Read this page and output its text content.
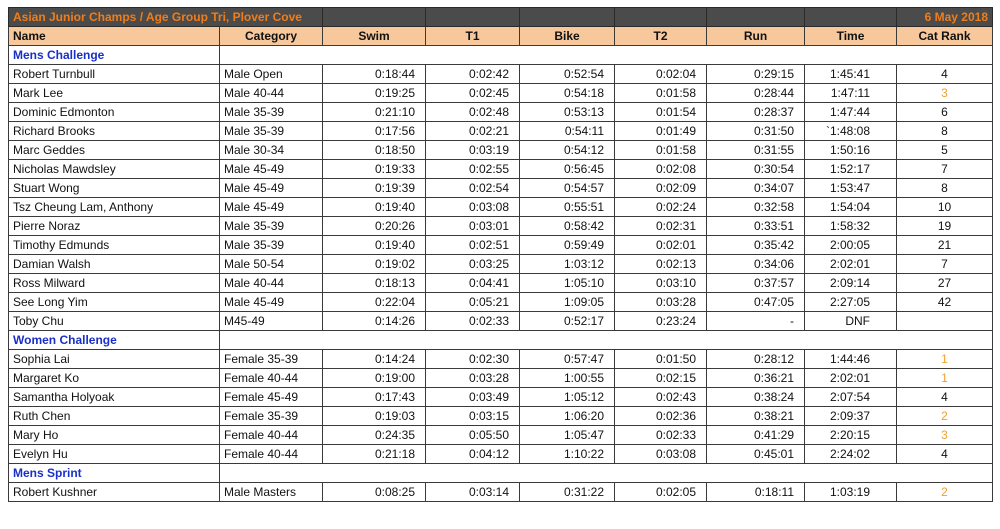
Asian Junior Champs / Age Group Tri, Plover Cove								6 May 2018
Name	Category	Swim	T1	Bike	T2	Run	Time	Cat Rank
Mens Challenge								
Robert Turnbull	Male Open	0:18:44	0:02:42	0:52:54	0:02:04	0:29:15	1:45:41	4
Mark Lee	Male 40-44	0:19:25	0:02:45	0:54:18	0:01:58	0:28:44	1:47:11	3
Dominic Edmonton	Male 35-39	0:21:10	0:02:48	0:53:13	0:01:54	0:28:37	1:47:44	6
Richard Brooks	Male 35-39	0:17:56	0:02:21	0:54:11	0:01:49	0:31:50	`1:48:08	8
Marc Geddes	Male 30-34	0:18:50	0:03:19	0:54:12	0:01:58	0:31:55	1:50:16	5
Nicholas Mawdsley	Male 45-49	0:19:33	0:02:55	0:56:45	0:02:08	0:30:54	1:52:17	7
Stuart Wong	Male 45-49	0:19:39	0:02:54	0:54:57	0:02:09	0:34:07	1:53:47	8
Tsz Cheung Lam, Anthony	Male 45-49	0:19:40	0:03:08	0:55:51	0:02:24	0:32:58	1:54:04	10
Pierre Noraz	Male 35-39	0:20:26	0:03:01	0:58:42	0:02:31	0:33:51	1:58:32	19
Timothy Edmunds	Male 35-39	0:19:40	0:02:51	0:59:49	0:02:01	0:35:42	2:00:05	21
Damian Walsh	Male 50-54	0:19:02	0:03:25	1:03:12	0:02:13	0:34:06	2:02:01	7
Ross Milward	Male 40-44	0:18:13	0:04:41	1:05:10	0:03:10	0:37:57	2:09:14	27
See Long Yim	Male 45-49	0:22:04	0:05:21	1:09:05	0:03:28	0:47:05	2:27:05	42
Toby Chu	M45-49	0:14:26	0:02:33	0:52:17	0:23:24	-	DNF	
Women Challenge								
Sophia Lai	Female 35-39	0:14:24	0:02:30	0:57:47	0:01:50	0:28:12	1:44:46	1
Margaret Ko	Female 40-44	0:19:00	0:03:28	1:00:55	0:02:15	0:36:21	2:02:01	1
Samantha Holyoak	Female 45-49	0:17:43	0:03:49	1:05:12	0:02:43	0:38:24	2:07:54	4
Ruth Chen	Female 35-39	0:19:03	0:03:15	1:06:20	0:02:36	0:38:21	2:09:37	2
Mary Ho	Female 40-44	0:24:35	0:05:50	1:05:47	0:02:33	0:41:29	2:20:15	3
Evelyn Hu	Female 40-44	0:21:18	0:04:12	1:10:22	0:03:08	0:45:01	2:24:02	4
Mens Sprint								
Robert Kushner	Male Masters	0:08:25	0:03:14	0:31:22	0:02:05	0:18:11	1:03:19	2
